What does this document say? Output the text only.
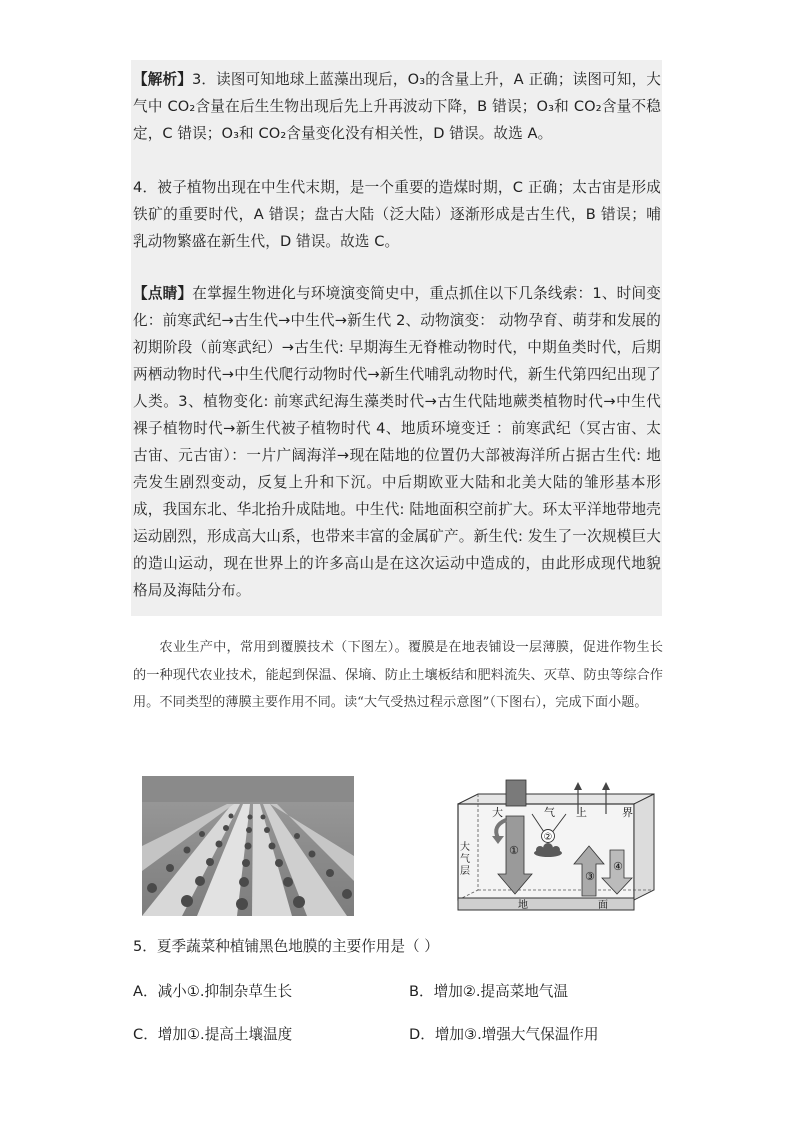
【解析】3．读图可知地球上蓝藻出现后，O₃的含量上升，A 正确；读图可知，大气中 CO₂含量在后生生物出现后先上升再波动下降，B 错误；O₃和 CO₂含量不稳定，C 错误；O₃和 CO₂含量变化没有相关性，D 错误。故选 A。

4．被子植物出现在中生代末期，是一个重要的造煤时期，C 正确；太古宙是形成铁矿的重要时代，A 错误；盘古大陆（泛大陆）逐渐形成是古生代，B 错误；哺乳动物繁盛在新生代，D 错误。故选 C。

【点睛】在掌握生物进化与环境演变简史中，重点抓住以下几条线索：1、时间变化：前寒武纪→古生代→中生代→新生代 2、动物演变： 动物孕育、萌芽和发展的初期阶段（前寒武纪）→古生代: 早期海生无脊椎动物时代，中期鱼类时代，后期两栖动物时代→中生代爬行动物时代→新生代哺乳动物时代，新生代第四纪出现了人类。3、植物变化: 前寒武纪海生藻类时代→古生代陆地蕨类植物时代→中生代裸子植物时代→新生代被子植物时代 4、地质环境变迁 ：前寒武纪（冥古宙、太古宙、元古宙）：一片广阔海洋→现在陆地的位置仍大部被海洋所占据古生代: 地壳发生剧烈变动，反复上升和下沉。中后期欧亚大陆和北美大陆的雏形基本形成，我国东北、华北抬升成陆地。中生代: 陆地面积空前扩大。环太平洋地带地壳运动剧烈，形成高大山系，也带来丰富的金属矿产。新生代: 发生了一次规模巨大的造山运动，现在世界上的许多高山是在这次运动中造成的，由此形成现代地貌格局及海陆分布。

农业生产中，常用到覆膜技术（下图左）。覆膜是在地表铺设一层薄膜，促进作物生长的一种现代农业技术，能起到保温、保墒、防止土壤板结和肥料流失、灭草、防虫等综合作用。不同类型的薄膜主要作用不同。读“大气受热过程示意图”（下图右），完成下面小题。

大	气 上	界
大
气
层
地	面
①
②
③
④

5．夏季蔬菜种植铺黑色地膜的主要作用是（ ）

A．减小①.抑制杂草生长	B．增加②.提高菜地气温

C．增加①.提高土壤温度	D．增加③.增强大气保温作用
